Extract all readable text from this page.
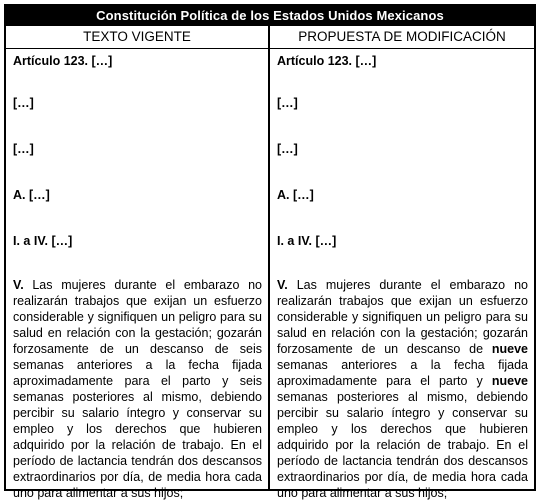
Constitución Política de los Estados Unidos Mexicanos
TEXTO VIGENTE	PROPUESTA DE MODIFICACIÓN

Artículo 123. […]

[…]

[…]

A. […]

I. a IV. […]

V. Las mujeres durante el embarazo no realizarán trabajos que exijan un esfuerzo considerable y signifiquen un peligro para su salud en relación con la gestación; gozarán forzosamente de un descanso de seis semanas anteriores a la fecha fijada aproximadamente para el parto y seis semanas posteriores al mismo, debiendo percibir su salario íntegro y conservar su empleo y los derechos que hubieren adquirido por la relación de trabajo. En el período de lactancia tendrán dos descansos extraordinarios por día, de media hora cada uno para alimentar a sus hijos;

Artículo 123. […]

[…]

[…]

A. […]

I. a IV. […]

V. Las mujeres durante el embarazo no realizarán trabajos que exijan un esfuerzo considerable y signifiquen un peligro para su salud en relación con la gestación; gozarán forzosamente de un descanso de nueve semanas anteriores a la fecha fijada aproximadamente para el parto y nueve semanas posteriores al mismo, debiendo percibir su salario íntegro y conservar su empleo y los derechos que hubieren adquirido por la relación de trabajo. En el período de lactancia tendrán dos descansos extraordinarios por día, de media hora cada uno para alimentar a sus hijos;
